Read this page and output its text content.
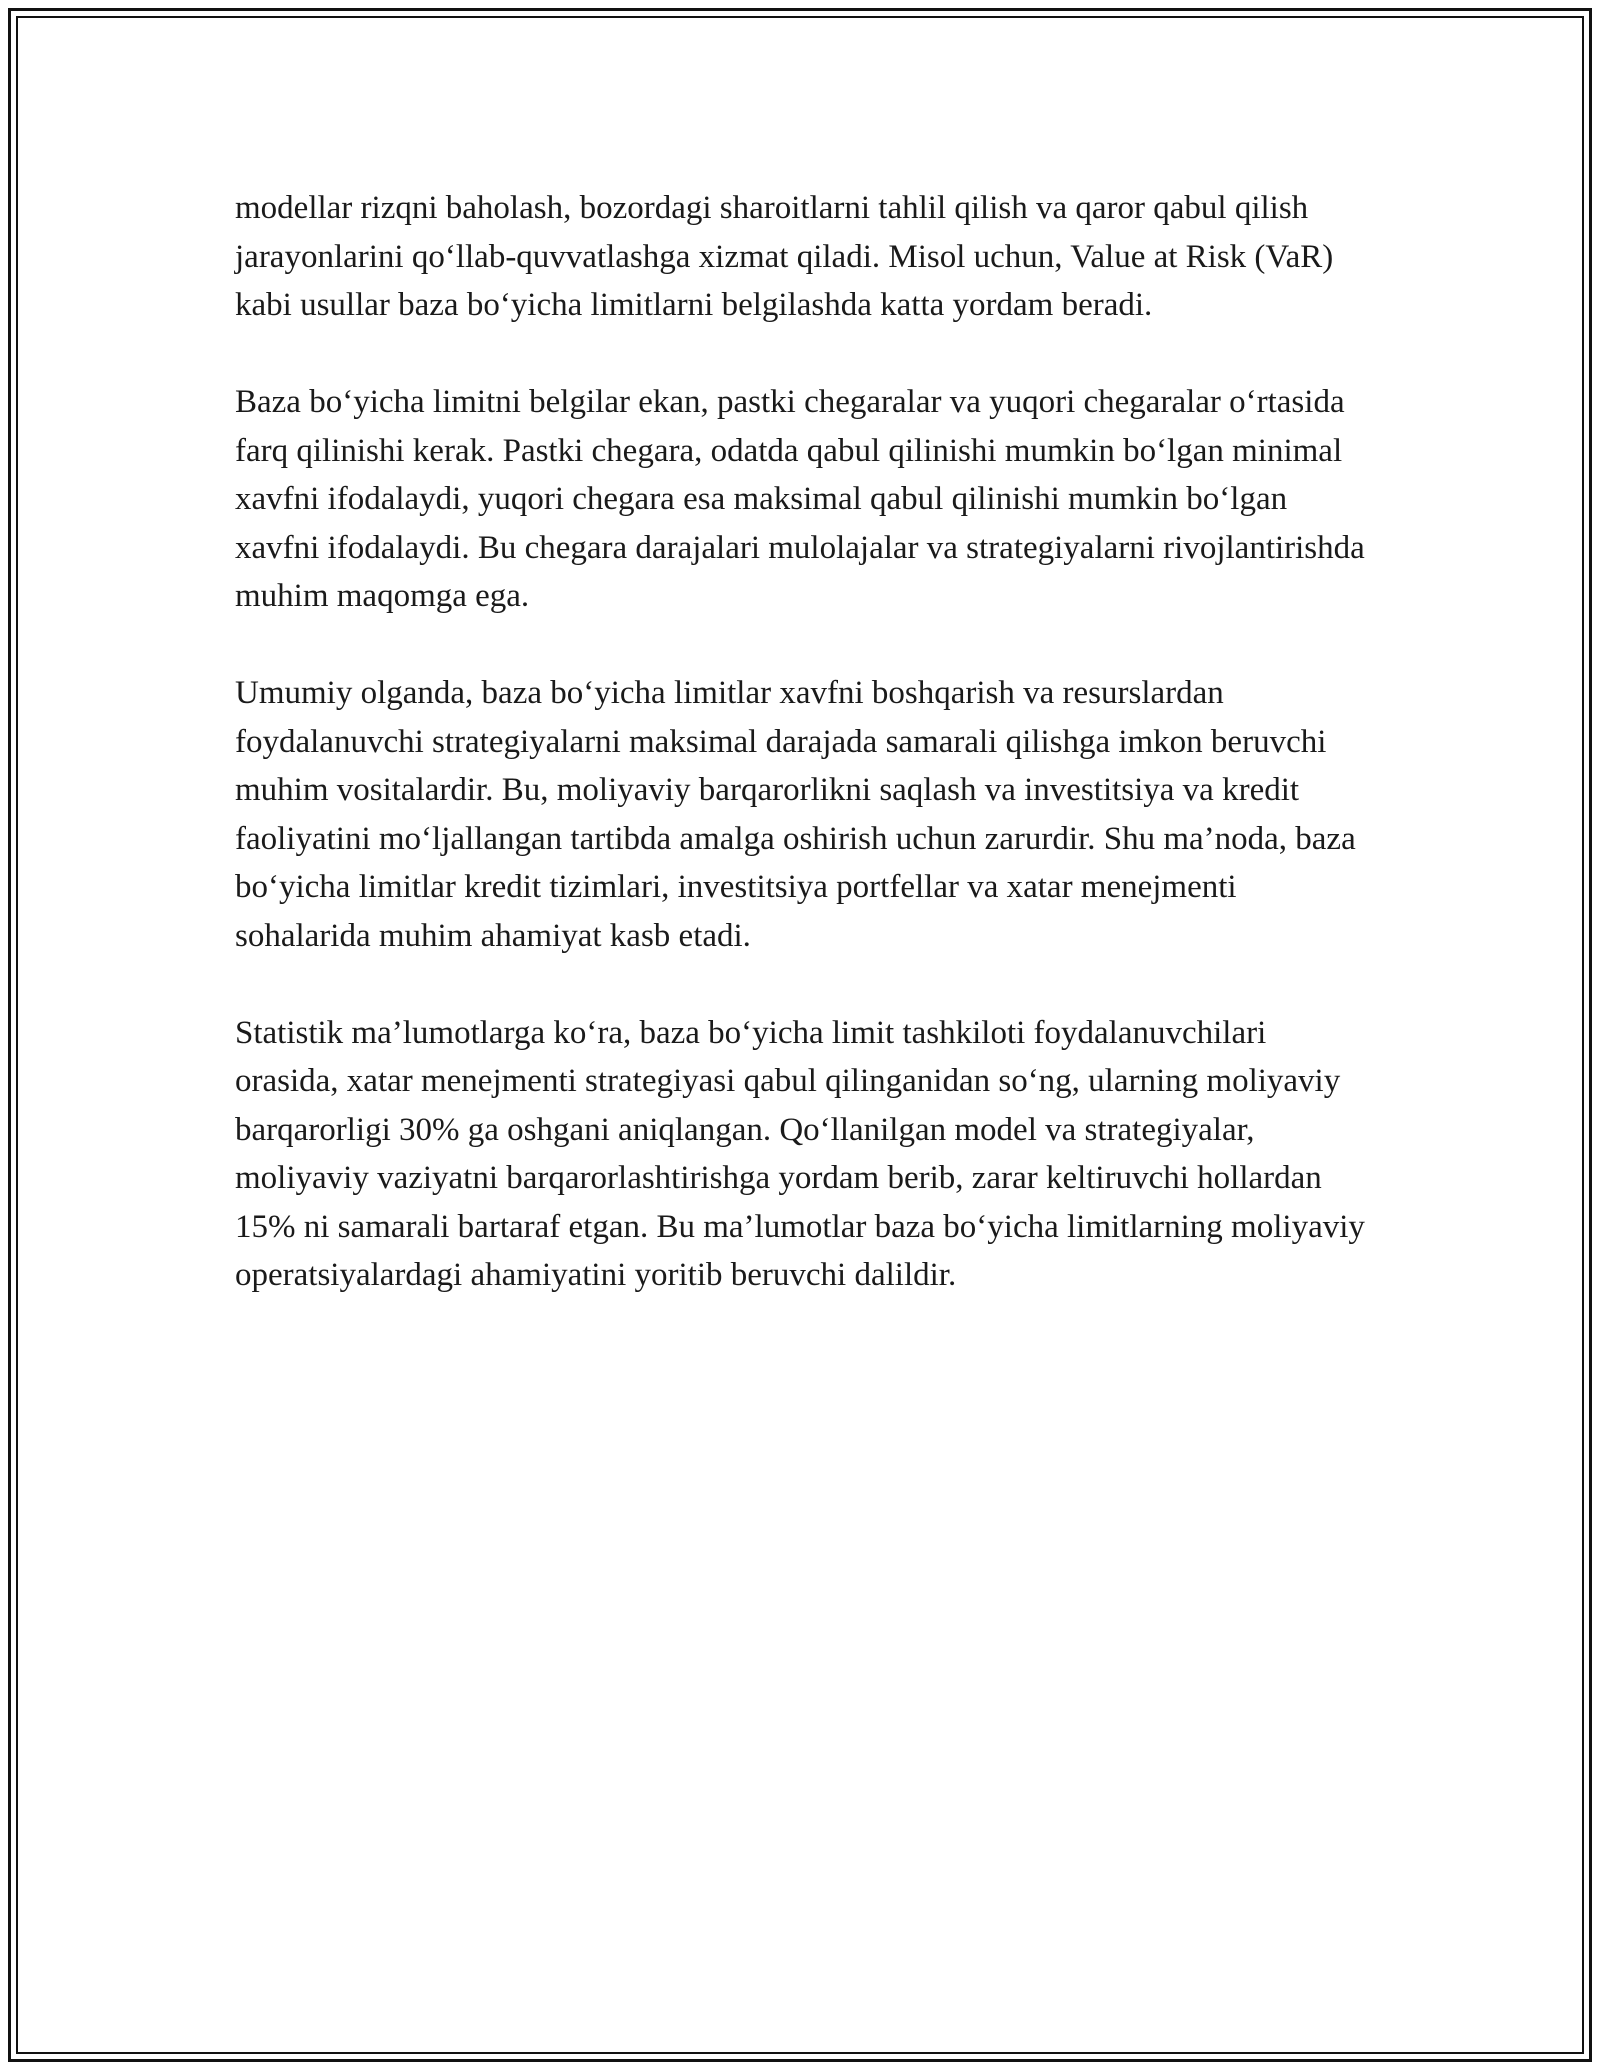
modellar rizqni baholash, bozordagi sharoitlarni tahlil qilish va qaror qabul qilish jarayonlarini qo‘llab-quvvatlashga xizmat qiladi. Misol uchun, Value at Risk (VaR) kabi usullar baza bo‘yicha limitlarni belgilashda katta yordam beradi.

Baza bo‘yicha limitni belgilar ekan, pastki chegaralar va yuqori chegaralar o‘rtasida farq qilinishi kerak. Pastki chegara, odatda qabul qilinishi mumkin bo‘lgan minimal xavfni ifodalaydi, yuqori chegara esa maksimal qabul qilinishi mumkin bo‘lgan xavfni ifodalaydi. Bu chegara darajalari mulolajalar va strategiyalarni rivojlantirishda muhim maqomga ega.

Umumiy olganda, baza bo‘yicha limitlar xavfni boshqarish va resurslardan foydalanuvchi strategiyalarni maksimal darajada samarali qilishga imkon beruvchi muhim vositalardir. Bu, moliyaviy barqarorlikni saqlash va investitsiya va kredit faoliyatini mo‘ljallangan tartibda amalga oshirish uchun zarurdir. Shu ma’noda, baza bo‘yicha limitlar kredit tizimlari, investitsiya portfellar va xatar menejmenti sohalarida muhim ahamiyat kasb etadi.

Statistik ma’lumotlarga ko‘ra, baza bo‘yicha limit tashkiloti foydalanuvchilari orasida, xatar menejmenti strategiyasi qabul qilinganidan so‘ng, ularning moliyaviy barqarorligi 30% ga oshgani aniqlangan. Qo‘llanilgan model va strategiyalar, moliyaviy vaziyatni barqarorlashtirishga yordam berib, zarar keltiruvchi hollardan 15% ni samarali bartaraf etgan. Bu ma’lumotlar baza bo‘yicha limitlarning moliyaviy operatsiyalardagi ahamiyatini yoritib beruvchi dalildir.
